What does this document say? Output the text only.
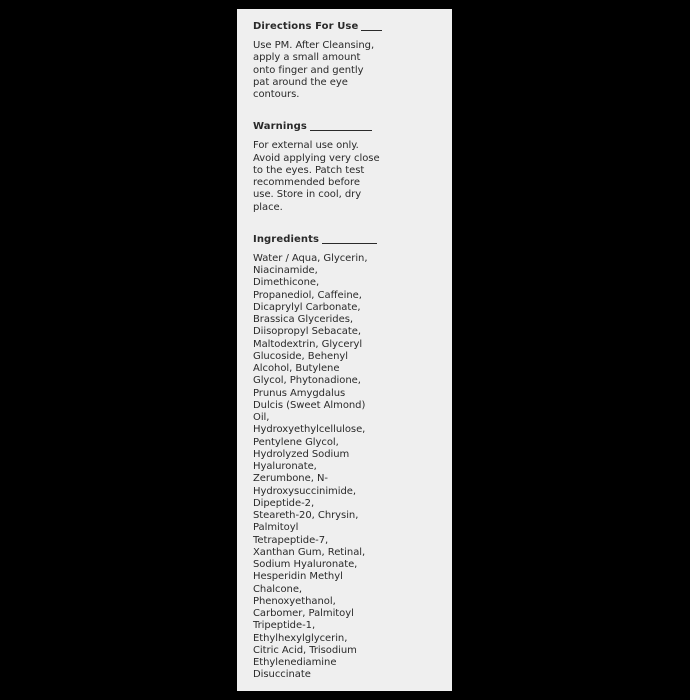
Directions For Use
Use PM. After Cleansing,
apply a small amount
onto finger and gently
pat around the eye
contours.
Warnings
For external use only.
Avoid applying very close
to the eyes. Patch test
recommended before
use. Store in cool, dry
place.
Ingredients
Water / Aqua, Glycerin,
Niacinamide,
Dimethicone,
Propanediol, Caffeine,
Dicaprylyl Carbonate,
Brassica Glycerides,
Diisopropyl Sebacate,
Maltodextrin, Glyceryl
Glucoside, Behenyl
Alcohol, Butylene
Glycol, Phytonadione,
Prunus Amygdalus
Dulcis (Sweet Almond)
Oil,
Hydroxyethylcellulose,
Pentylene Glycol,
Hydrolyzed Sodium
Hyaluronate,
Zerumbone, N-
Hydroxysuccinimide,
Dipeptide-2,
Steareth-20, Chrysin,
Palmitoyl
Tetrapeptide-7,
Xanthan Gum, Retinal,
Sodium Hyaluronate,
Hesperidin Methyl
Chalcone,
Phenoxyethanol,
Carbomer, Palmitoyl
Tripeptide-1,
Ethylhexylglycerin,
Citric Acid, Trisodium
Ethylenediamine
Disuccinate
